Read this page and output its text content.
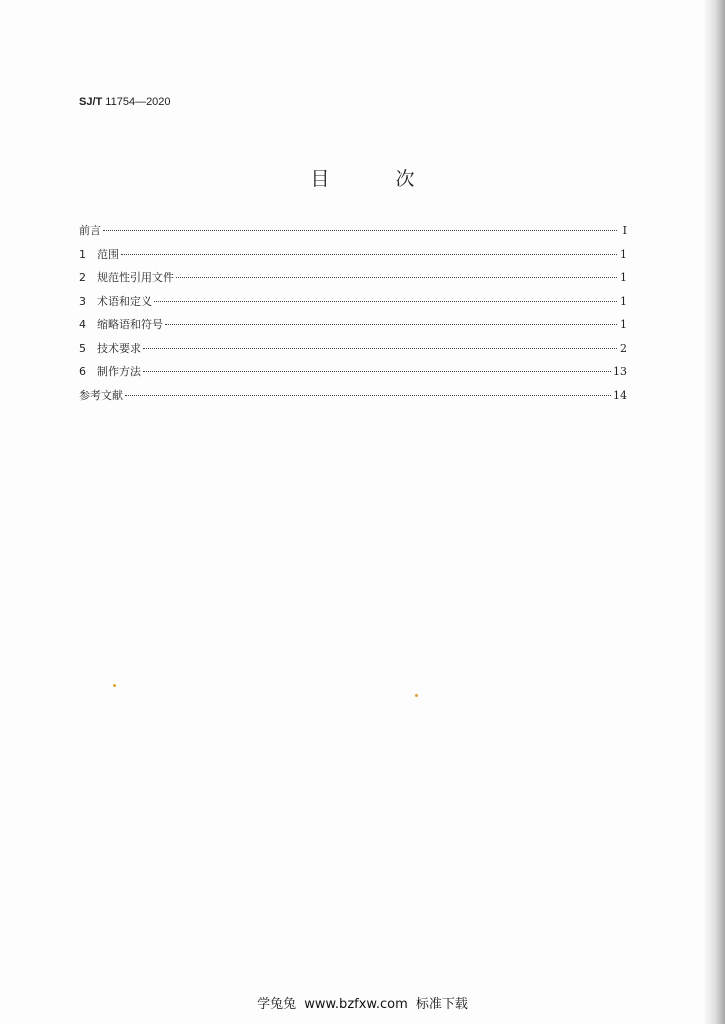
SJ/T 11754—2020
目 次
前言	I
1	范围	1
2	规范性引用文件	1
3	术语和定义	1
4	缩略语和符号	1
5	技术要求	2
6	制作方法	13
参考文献	14
学兔兔 www.bzfxw.com 标准下载
